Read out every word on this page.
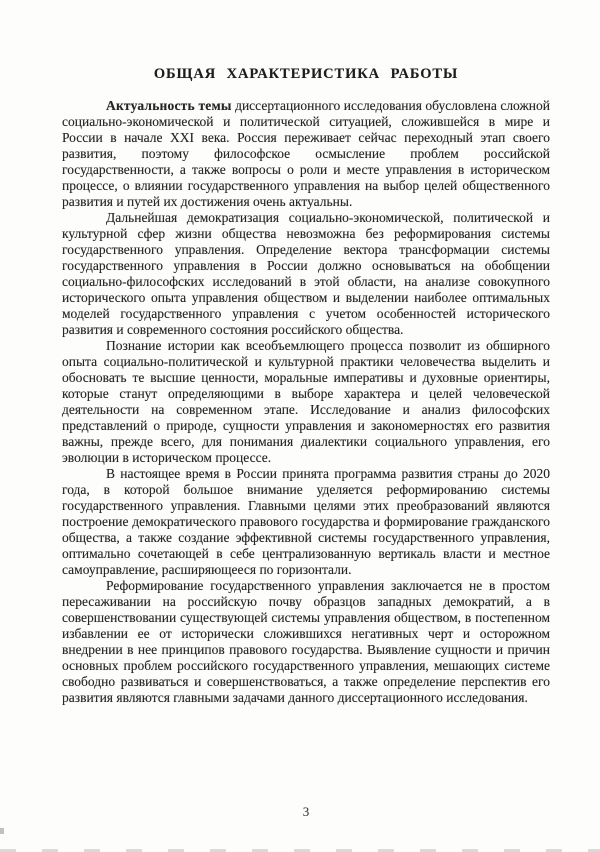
ОБЩАЯ ХАРАКТЕРИСТИКА РАБОТЫ

Актуальность темы диссертационного исследования обусловлена сложной социально-экономической и политической ситуацией, сложившейся в мире и России в начале XXI века. Россия переживает сейчас переходный этап своего развития, поэтому философское осмысление проблем российской государственности, а также вопросы о роли и месте управления в историческом процессе, о влиянии государственного управления на выбор целей общественного развития и путей их достижения очень актуальны.

Дальнейшая демократизация социально-экономической, политической и культурной сфер жизни общества невозможна без реформирования системы государственного управления. Определение вектора трансформации системы государственного управления в России должно основываться на обобщении социально-философских исследований в этой области, на анализе совокупного исторического опыта управления обществом и выделении наиболее оптимальных моделей государственного управления с учетом особенностей исторического развития и современного состояния российского общества.

Познание истории как всеобъемлющего процесса позволит из обширного опыта социально-политической и культурной практики человечества выделить и обосновать те высшие ценности, моральные императивы и духовные ориентиры, которые станут определяющими в выборе характера и целей человеческой деятельности на современном этапе. Исследование и анализ философских представлений о природе, сущности управления и закономерностях его развития важны, прежде всего, для понимания диалектики социального управления, его эволюции в историческом процессе.

В настоящее время в России принята программа развития страны до 2020 года, в которой большое внимание уделяется реформированию системы государственного управления. Главными целями этих преобразований являются построение демократического правового государства и формирование гражданского общества, а также создание эффективной системы государственного управления, оптимально сочетающей в себе централизованную вертикаль власти и местное самоуправление, расширяющееся по горизонтали.

Реформирование государственного управления заключается не в простом пересаживании на российскую почву образцов западных демократий, а в совершенствовании существующей системы управления обществом, в постепенном избавлении ее от исторически сложившихся негативных черт и осторожном внедрении в нее принципов правового государства. Выявление сущности и причин основных проблем российского государственного управления, мешающих системе свободно развиваться и совершенствоваться, а также определение перспектив его развития являются главными задачами данного диссертационного исследования.

3
